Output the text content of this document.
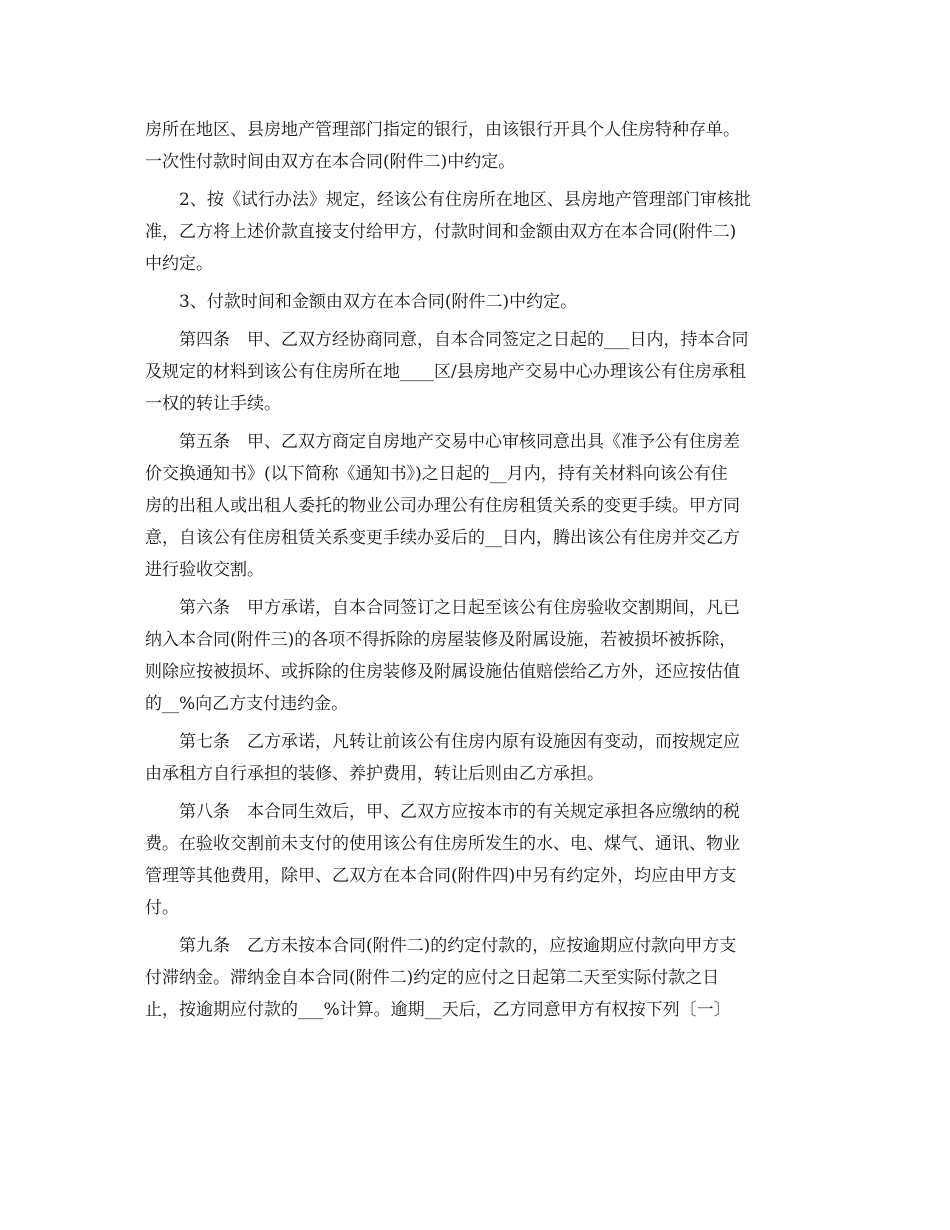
房所在地区、县房地产管理部门指定的银行，由该银行开具个人住房特种存单。
一次性付款时间由双方在本合同(附件二)中约定。
2、按《试行办法》规定，经该公有住房所在地区、县房地产管理部门审核批
准，乙方将上述价款直接支付给甲方，付款时间和金额由双方在本合同(附件二)
中约定。
3、付款时间和金额由双方在本合同(附件二)中约定。
第四条　甲、乙双方经协商同意，自本合同签定之日起的___日内，持本合同
及规定的材料到该公有住房所在地____区/县房地产交易中心办理该公有住房承租
一权的转让手续。
第五条　甲、乙双方商定自房地产交易中心审核同意出具《准予公有住房差
价交换通知书》(以下简称《通知书》)之日起的__月内，持有关材料向该公有住
房的出租人或出租人委托的物业公司办理公有住房租赁关系的变更手续。甲方同
意，自该公有住房租赁关系变更手续办妥后的__日内，腾出该公有住房并交乙方
进行验收交割。
第六条　甲方承诺，自本合同签订之日起至该公有住房验收交割期间，凡已
纳入本合同(附件三)的各项不得拆除的房屋装修及附属设施，若被损坏被拆除，
则除应按被损坏、或拆除的住房装修及附属设施估值赔偿给乙方外，还应按估值
的__%向乙方支付违约金。
第七条　乙方承诺，凡转让前该公有住房内原有设施因有变动，而按规定应
由承租方自行承担的装修、养护费用，转让后则由乙方承担。
第八条　本合同生效后，甲、乙双方应按本市的有关规定承担各应缴纳的税
费。在验收交割前未支付的使用该公有住房所发生的水、电、煤气、通讯、物业
管理等其他费用，除甲、乙双方在本合同(附件四)中另有约定外，均应由甲方支
付。
第九条　乙方未按本合同(附件二)的约定付款的，应按逾期应付款向甲方支
付滞纳金。滞纳金自本合同(附件二)约定的应付之日起第二天至实际付款之日
止，按逾期应付款的___%计算。逾期__天后，乙方同意甲方有权按下列〔一〕
